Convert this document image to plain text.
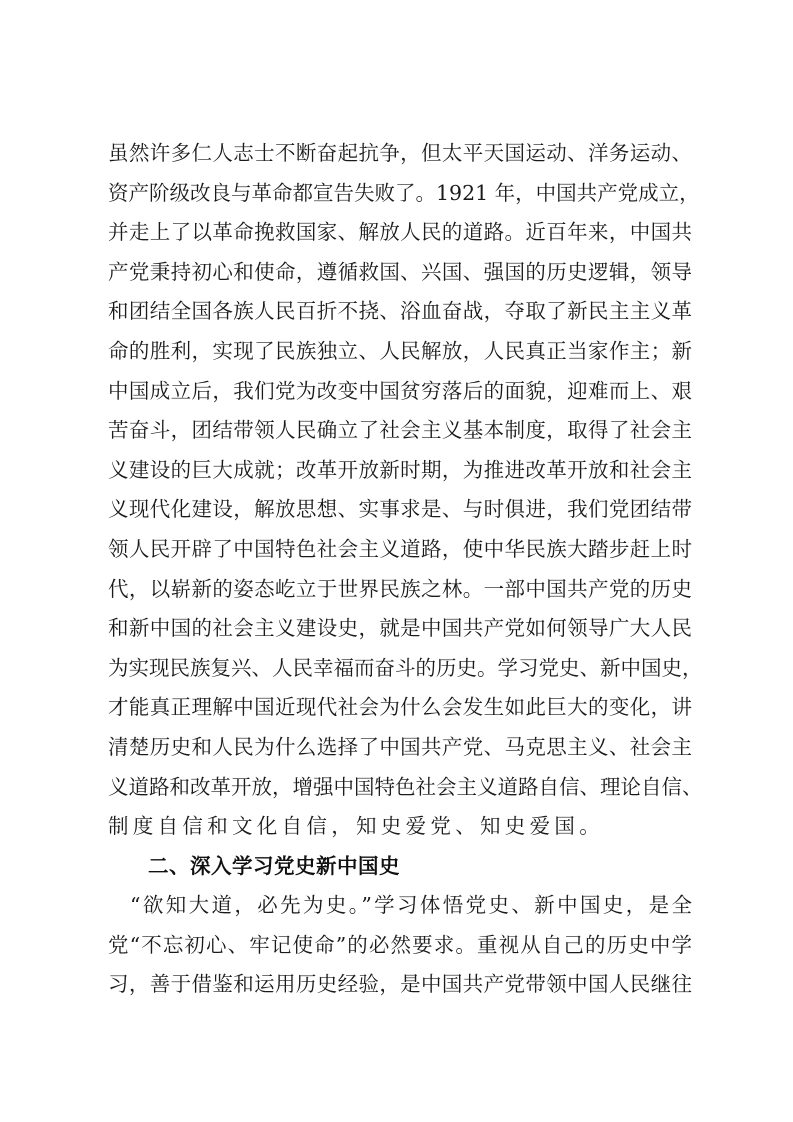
虽然许多仁人志士不断奋起抗争，但太平天国运动、洋务运动、
资产阶级改良与革命都宣告失败了。1921 年，中国共产党成立，
并走上了以革命挽救国家、解放人民的道路。近百年来，中国共
产党秉持初心和使命，遵循救国、兴国、强国的历史逻辑，领导
和团结全国各族人民百折不挠、浴血奋战，夺取了新民主主义革
命的胜利，实现了民族独立、人民解放，人民真正当家作主；新
中国成立后，我们党为改变中国贫穷落后的面貌，迎难而上、艰
苦奋斗，团结带领人民确立了社会主义基本制度，取得了社会主
义建设的巨大成就；改革开放新时期，为推进改革开放和社会主
义现代化建设，解放思想、实事求是、与时俱进，我们党团结带
领人民开辟了中国特色社会主义道路，使中华民族大踏步赶上时
代，以崭新的姿态屹立于世界民族之林。一部中国共产党的历史
和新中国的社会主义建设史，就是中国共产党如何领导广大人民
为实现民族复兴、人民幸福而奋斗的历史。学习党史、新中国史，
才能真正理解中国近现代社会为什么会发生如此巨大的变化，讲
清楚历史和人民为什么选择了中国共产党、马克思主义、社会主
义道路和改革开放，增强中国特色社会主义道路自信、理论自信、
制度自信和文化自信，知史爱党、知史爱国。
二、深入学习党史新中国史
“欲知大道，必先为史。”学习体悟党史、新中国史，是全
党“不忘初心、牢记使命”的必然要求。重视从自己的历史中学
习，善于借鉴和运用历史经验，是中国共产党带领中国人民继往
